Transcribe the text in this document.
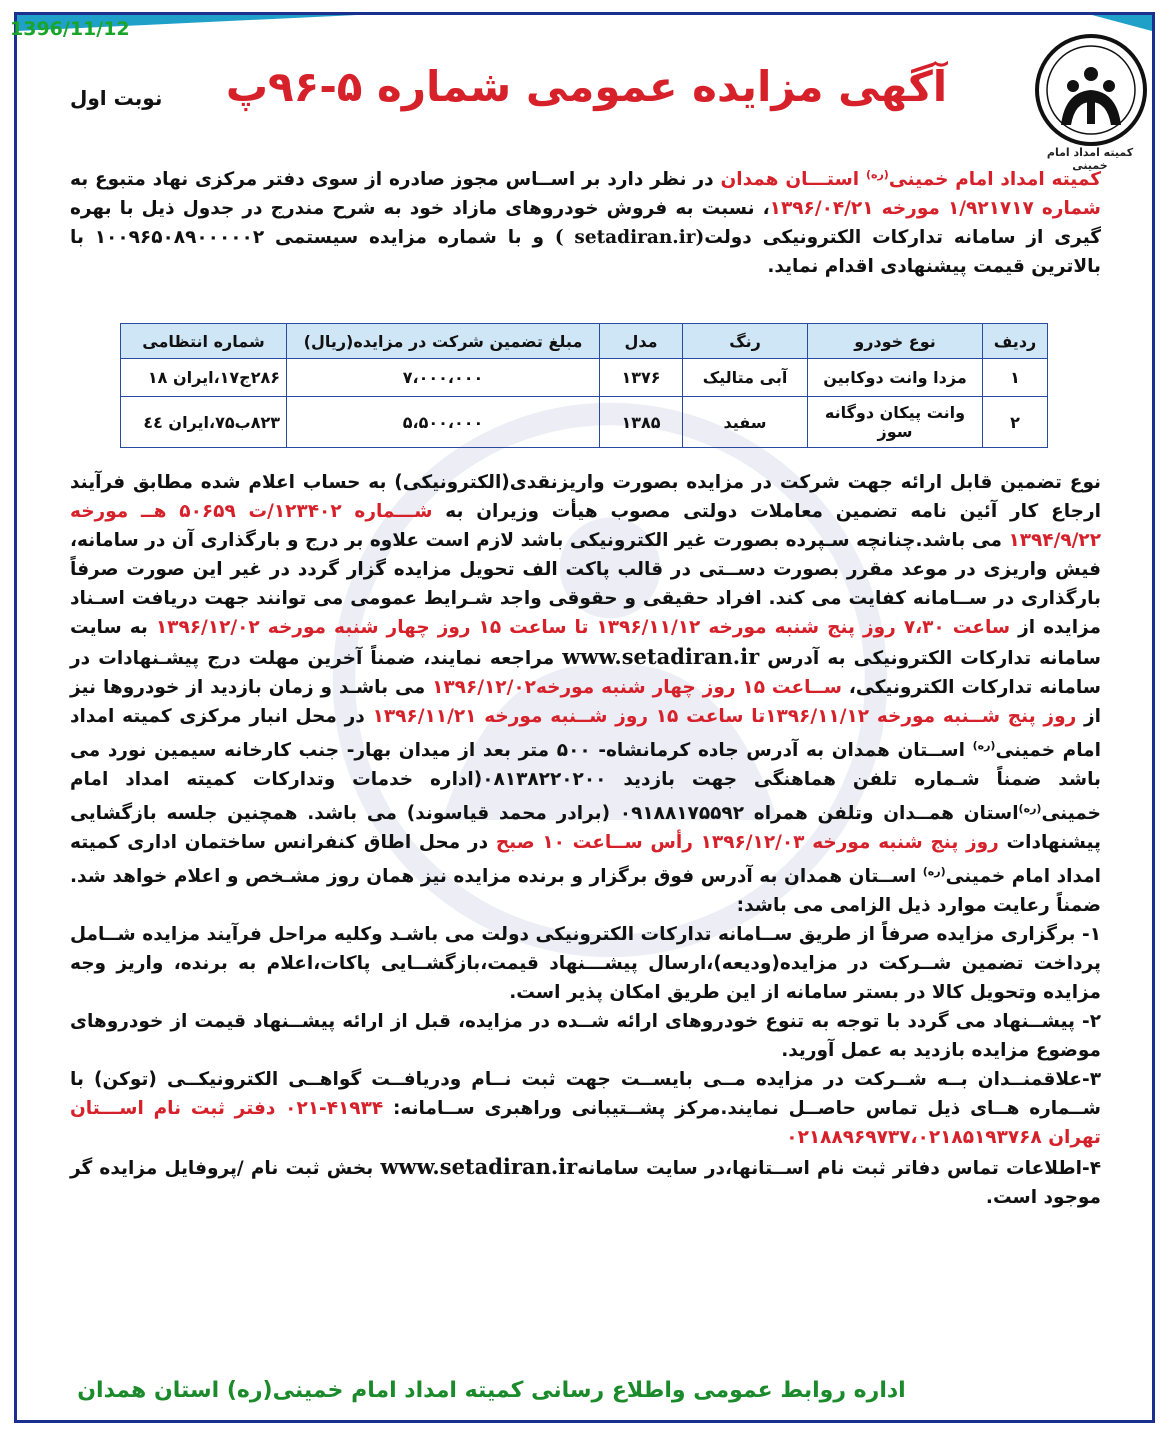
1396/11/12
کمیته امداد امام خمینی
آگهی مزایده عمومی شماره ۵-۹۶پ
نوبت اول
کمیته امداد امام خمینی$^{(ره)}$ استـــان همدان در نظر دارد بر اســاس مجوز صادره از سوی دفتر مرکزی نهاد متبوع به شماره ۱/۹۲۱۷۱۷ مورخه ۱۳۹۶/۰۴/۲۱، نسبت به فروش خودروهای مازاد خود به شرح مندرج در جدول ذیل با بهره گیری از سامانه تدارکات الکترونیکی دولت(setadiran.ir ) و با شماره مزایده سیستمی ۱۰۰۹۶۵۰۸۹۰۰۰۰۰۲ با بالاترین قیمت پیشنهادی اقدام نماید.
ردیف	نوع خودرو	رنگ	مدل	مبلغ تضمین شرکت در مزایده(ریال)	شماره انتظامی
۱	مزدا وانت دوکابین	آبی متالیک	۱۳۷۶	۷،۰۰۰،۰۰۰	۲۸۶ج۱۷،ایران ۱۸
۲	وانت پیکان دوگانه سوز	سفید	۱۳۸۵	۵،۵۰۰،۰۰۰	۸۲۳ب۷۵،ایران ٤٤

نوع تضمین قابل ارائه جهت شرکت در مزایده بصورت واریزنقدی(الکترونیکی) به حساب اعلام شده مطابق فرآیند ارجاع کار آئین نامه تضمین معاملات دولتی مصوب هیأت وزیران به شـــماره ۱۲۳۴۰۲/ت ۵۰۶۵۹ هــ مورخه ۱۳۹۴/۹/۲۲ می باشد.چنانچه سـپرده بصورت غیر الکترونیکی باشد لازم است علاوه بر درج و بارگذاری آن در سامانه، فیش واریزی در موعد مقرر بصورت دســتی در قالب پاکت الف تحویل مزایده گزار گردد در غیر این صورت صرفاً بارگذاری در ســامانه کفایت می کند. افراد حقیقی و حقوقی واجد شـرایط عمومی می توانند جهت دریافت اسـناد مزایده از ساعت ۷،۳۰ روز پنج شنبه مورخه ۱۳۹۶/۱۱/۱۲ تا ساعت ۱۵ روز چهار شنبه مورخه ۱۳۹۶/۱۲/۰۲ به سایت سامانه تدارکات الکترونیکی به آدرس www.setadiran.ir مراجعه نمایند، ضمناً آخرین مهلت درج پیشـنهادات در سامانه تدارکات الکترونیکی، ســاعت ۱۵ روز چهار شنبه مورخه۱۳۹۶/۱۲/۰۲ می باشـد و زمان بازدید از خودروها نیز از روز پنج شــنبه مورخه ۱۳۹۶/۱۱/۱۲تا ساعت ۱۵ روز شــنبه مورخه ۱۳۹۶/۱۱/۲۱ در محل انبار مرکزی کمیته امداد امام خمینی$^{(ره)}$ اســتان همدان به آدرس جاده کرمانشاه- ۵۰۰ متر بعد از میدان بهار- جنب کارخانه سیمین نورد می باشد ضمناً شـماره تلفن هماهنگی جهت بازدید ۰۸۱۳۸۲۲۰۲۰۰(اداره خدمات وتدارکات کمیته امداد امام خمینی$^{(ره)}$استان همــدان وتلفن همراه ۰۹۱۸۸۱۷۵۵۹۲ (برادر محمد قیاسوند) می باشد. همچنین جلسه بازگشایی پیشنهادات روز پنج شنبه مورخه ۱۳۹۶/۱۲/۰۳ رأس ســاعت ۱۰ صبح در محل اطاق کنفرانس ساختمان اداری کمیته امداد امام خمینی$^{(ره)}$ اســتان همدان به آدرس فوق برگزار و برنده مزایده نیز همان روز مشـخص و اعلام خواهد شد. ضمناً رعایت موارد ذیل الزامی می باشد:

۱- برگزاری مزایده صرفاً از طریق ســامانه تدارکات الکترونیکی دولت می باشـد وکلیه مراحل فرآیند مزایده شــامل پرداخت تضمین شــرکت در مزایده(ودیعه)،ارسال پیشـــنهاد قیمت،بازگشــایی پاکات،اعلام به برنده، واریز وجه مزایده وتحویل کالا در بستر سامانه از این طریق امکان پذیر است.

۲- پیشــنهاد می گردد با توجه به تنوع خودروهای ارائه شــده در مزایده، قبل از ارائه پیشــنهاد قیمت از خودروهای موضوع مزایده بازدید به عمل آورید.

۳-علاقمنــدان بــه شــرکت در مزایده مــی بایســت جهت ثبت نــام ودریافــت گواهــی الکترونیکــی (توکن) با شــماره هــای ذیل تماس حاصــل نمایند.مرکز پشــتیبانی وراهبری ســامانه: ۴۱۹۳۴-۰۲۱ دفتر ثبت نام اســـتان تهران ۰۲۱۸۸۹۶۹۷۳۷،۰۲۱۸۵۱۹۳۷۶۸

۴-اطلاعات تماس دفاتر ثبت نام اســتانها،در سایت سامانهwww.setadiran.ir بخش ثبت نام /پروفایل مزایده گر موجود است.

اداره روابط عمومی واطلاع رسانی کمیته امداد امام خمینی(ره) استان همدان
